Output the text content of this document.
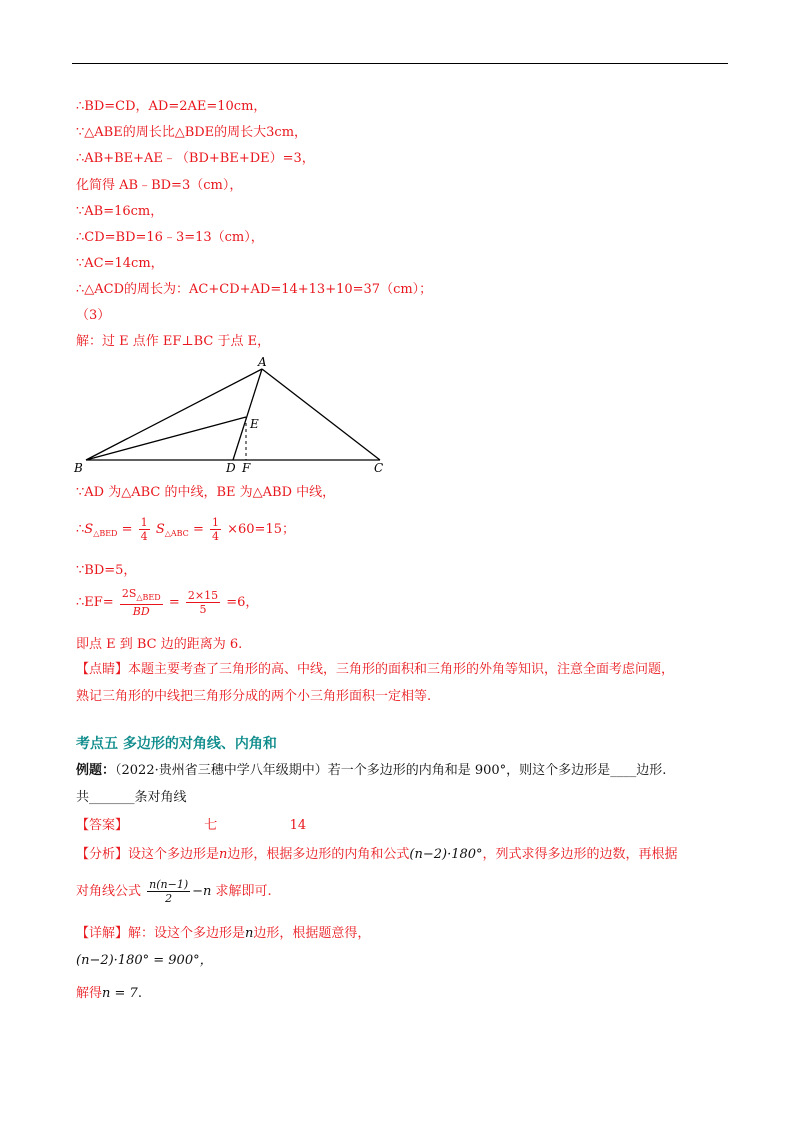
∴BD=CD，AD=2AE=10cm，
∵△ABE的周长比△BDE的周长大3cm，
∴AB+BE+AE﹣（BD+BE+DE）=3，
化简得 AB﹣BD=3（cm），
∵AB=16cm，
∴CD=BD=16﹣3=13（cm），
∵AC=14cm，
∴△ACD的周长为：AC+CD+AD=14+13+10=37（cm）；
（3）
解：过 E 点作 EF⊥BC 于点 E，
A
B	C
D
E
F
∵AD 为△ABC 的中线，BE 为△ABD 中线，
$\therefore S_{\triangle BED} = \frac{1}{4} S_{\triangle ABC} = \frac{1}{4} \times 60=15$；
∵BD=5，
∴EF= $\frac{2S_{\triangle BED}}{BD} = \frac{2\times 15}{5} =6$，
即点 E 到 BC 边的距离为 6.
【点睛】本题主要考查了三角形的高、中线，三角形的面积和三角形的外角等知识，注意全面考虑问题，
熟记三角形的中线把三角形分成的两个小三角形面积一定相等.
考点五 多边形的对角线、内角和
例题：（2022·贵州省三穗中学八年级期中）若一个多边形的内角和是 900°，则这个多边形是____边形.
共_______条对角线
【答案】	七	14
【分析】设这个多边形是n边形，根据多边形的内角和公式(n−2)·180°，列式求得多边形的边数，再根据
对角线公式 $\frac{n(n-1)}{2} -n$ 求解即可.
【详解】解：设这个多边形是n边形，根据题意得，
(n−2)·180° = 900°，
解得n = 7.
